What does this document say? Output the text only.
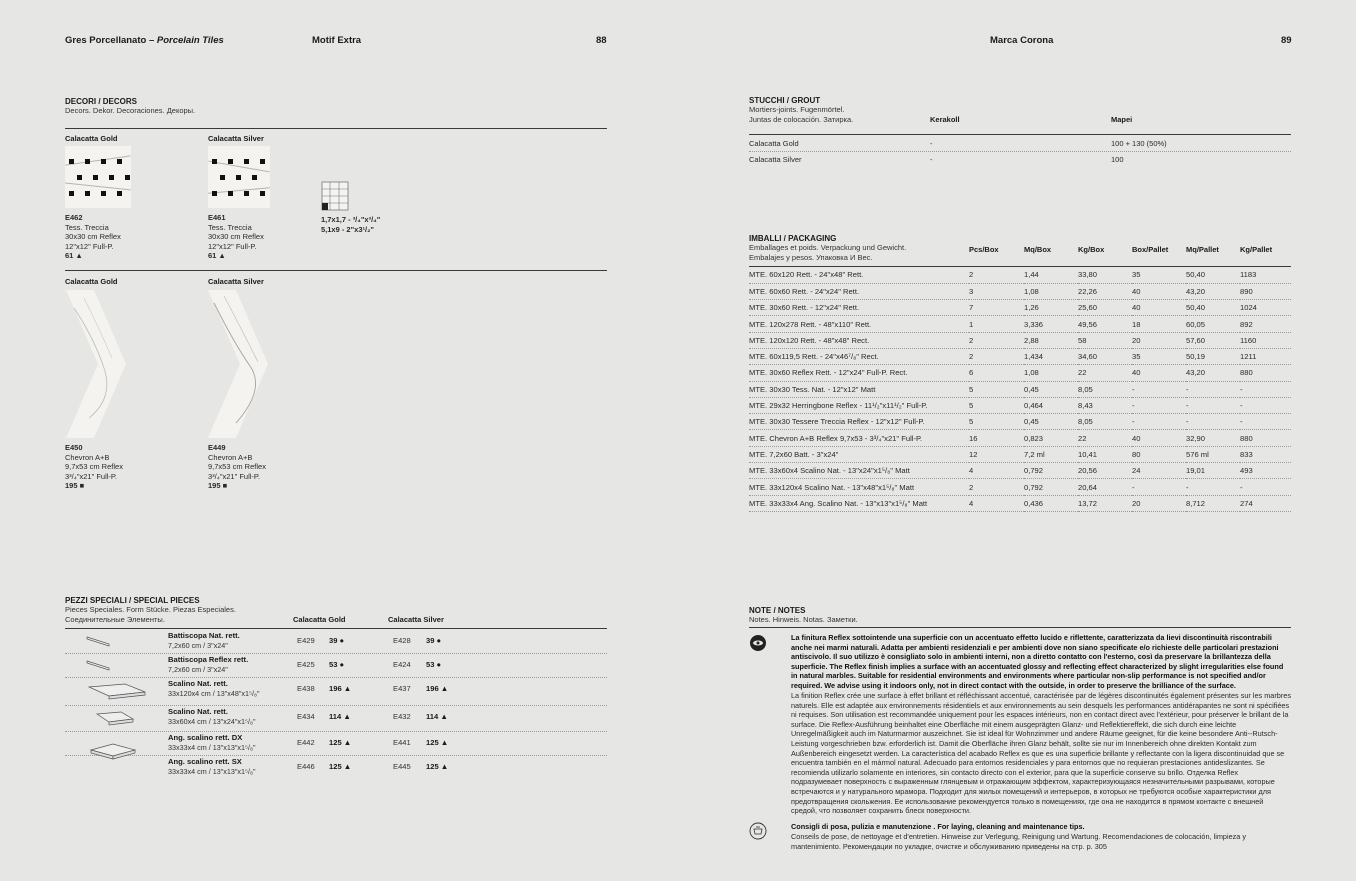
Gres Porcellanato – Porcelain Tiles	Motif Extra	88	Marca Corona	89
DECORI / DECORS
Decors. Dekor. Decoraciones. Декоры.
Calacatta Gold
E462
Tess. Treccia
30x30 cm Reflex
12"x12" Full-P.
61 ▲
Calacatta Silver
E461
Tess. Treccia
30x30 cm Reflex
12"x12" Full-P.
61 ▲
1,7x1,7 - ³/₄"x³/₄"
5,1x9 - 2"x3¹/₂"
Calacatta Gold
E450
Chevron A+B
9,7x53 cm Reflex
3³/₄"x21" Full-P.
195 ■
Calacatta Silver
E449
Chevron A+B
9,7x53 cm Reflex
3³/₄"x21" Full-P.
195 ■
PEZZI SPECIALI / SPECIAL PIECES
Pieces Speciales. Form Stücke. Piezas Especiales.
Соединительные Элементы.	Calacatta Gold	Calacatta Silver
Battiscopa Nat. rett.
7,2x60 cm / 3"x24"
E429 39 ●	E428 39 ●
Battiscopa Reflex rett.
7,2x60 cm / 3"x24"
E425 53 ●	E424 53 ●
Scalino Nat. rett.
33x120x4 cm / 13"x48"x1⁵/₈"
E438 196 ▲	E437 196 ▲
Scalino Nat. rett.
33x60x4 cm / 13"x24"x1⁵/₈"
E434 114 ▲	E432 114 ▲
Ang. scalino rett. DX
33x33x4 cm / 13"x13"x1⁵/₈"
E442 125 ▲	E441 125 ▲
Ang. scalino rett. SX
33x33x4 cm / 13"x13"x1⁵/₈"
E446 125 ▲	E445 125 ▲
STUCCHI / GROUT
Mortiers-joints. Fugenmörtel.
Juntas de colocación. Затирка.	Kerakoll	Mapei
Calacatta Gold	-	100 + 130 (50%)
Calacatta Silver	-	100
IMBALLI / PACKAGING
Emballages et poids. Verpackung und Gewicht.
Embalajes y pesos. Упаковка И Вес.
Pcs/Box	Mq/Box	Kg/Box	Box/Pallet Mq/Pallet	Kg/Pallet
MTE. 60x120 Rett. - 24"x48" Rett.	2	1,44	33,80	35	50,40	1183
MTE. 60x60 Rett. - 24"x24" Rett.	3	1,08	22,26	40	43,20	890
MTE. 30x60 Rett. - 12"x24" Rett.	7	1,26	25,60	40	50,40	1024
MTE. 120x278 Rett. - 48"x110" Rett.	1	3,336	49,56	18	60,05	892
MTE. 120x120 Rett. - 48"x48" Rect.	2	2,88	58	20	57,60	1160
MTE. 60x119,5 Rett. - 24"x46⁷/₈" Rect.	2	1,434	34,60	35	50,19	1211
MTE. 30x60 Reflex Rett. - 12"x24" Full-P. Rect.	6	1,08	22	40	43,20	880
MTE. 30x30 Tess. Nat. - 12"x12" Matt	5	0,45	8,05	-	-	-
MTE. 29x32 Herringbone Reflex - 11¹/₂"x11¹/₂" Full-P.	5	0,464	8,43	-	-	-
MTE. 30x30 Tessere Treccia Reflex - 12"x12" Full-P.	5	0,45	8,05	-	-	-
MTE. Chevron A+B Reflex 9,7x53 - 3³/₄"x21" Full-P.	16	0,823	22	40	32,90	880
MTE. 7,2x60 Batt. - 3"x24"	12	7,2 ml	10,41	80	576 ml	833
MTE. 33x60x4 Scalino Nat. - 13"x24"x1⁵/₈" Matt	4	0,792	20,56	24	19,01	493
MTE. 33x120x4 Scalino Nat. - 13"x48"x1⁵/₈" Matt	2	0,792	20,64	-	-	-
MTE. 33x33x4 Ang. Scalino Nat. - 13"x13"x1⁵/₈" Matt	4	0,436	13,72	20	8,712	274
NOTE / NOTES
Notes. Hinweis. Notas. Заметки.
La finitura Reflex sottointende una superficie con un accentuato effetto lucido e riflettente, caratterizzata da lievi discontinuità riscontrabili anche nei marmi naturali. Adatta per ambienti residenziali e per ambienti dove non siano specificate e/o richieste delle particolari prestazioni antiscivolo. Il suo utilizzo è consigliato solo in ambienti interni, non a diretto contatto con l'esterno, così da preservare la brillantezza della superficie. The Reflex finish implies a surface with an accentuated glossy and reflecting effect characterized by slight irregularities else found in natural marbles. Suitable for residential environments and environments where particular non-slip performance is not specified and/or required. We advise using it indoors only, not in direct contact with the outside, in order to preserve the brilliance of the surface.
La finition Reflex crée une surface à effet brillant et réfléchissant accentué, caractérisée par de légères discontinuités également présentes sur les marbres naturels. Elle est adaptée aux environnements résidentiels et aux environnements au sein desquels les performances antidérapantes ne sont ni spécifiées ni requises. Son utilisation est recommandée uniquement pour les espaces intérieurs, non en contact direct avec l'extérieur, pour préserver le brillant de la surface. Die Reflex-Ausführung beinhaltet eine Oberfläche mit einem ausgeprägten Glanz- und Reflektiereffekt, die sich durch eine leichte Unregelmäßigkeit auch im Naturmarmor auszeichnet. Sie ist ideal für Wohnzimmer und andere Räume geeignet, für die keine besondere Anti--Rutsch-Leistung vorgeschrieben bzw. erforderlich ist. Damit die Oberfläche ihren Glanz behält, sollte sie nur im Innenbereich ohne direkten Kontakt zum Außenbereich eingesetzt werden. La característica del acabado Reflex es que es una superficie brillante y reflectante con la ligera discontinuidad que se encuentra también en el mármol natural. Adecuado para entornos residenciales y para entornos que no requieran prestaciones antideslizantes. Se recomienda utilizarlo solamente en interiores, sin contacto directo con el exterior, para que la superficie conserve su brillo. Отделка Reflex подразумевает поверхность с выраженным глянцевым и отражающим эффектом, характеризующаяся незначительными разрывами, которые встречаются и у натурального мрамора. Подходит для жилых помещений и интерьеров, в которых не требуются особые характеристики для предотвращения скольжения. Ее использование рекомендуется только в помещениях, где она не находится в прямом контакте с внешней средой, что позволяет сохранить блеск поверхности.
Consigli di posa, pulizia e manutenzione . For laying, cleaning and maintenance tips.
Conseils de pose, de nettoyage et d'entretien. Hinweise zur Verlegung, Reinigung und Wartung. Recomendaciones de colocación, limpieza y mantenimiento. Рекомендации по укладке, очистке и обслуживанию приведены на стр. р. 305
